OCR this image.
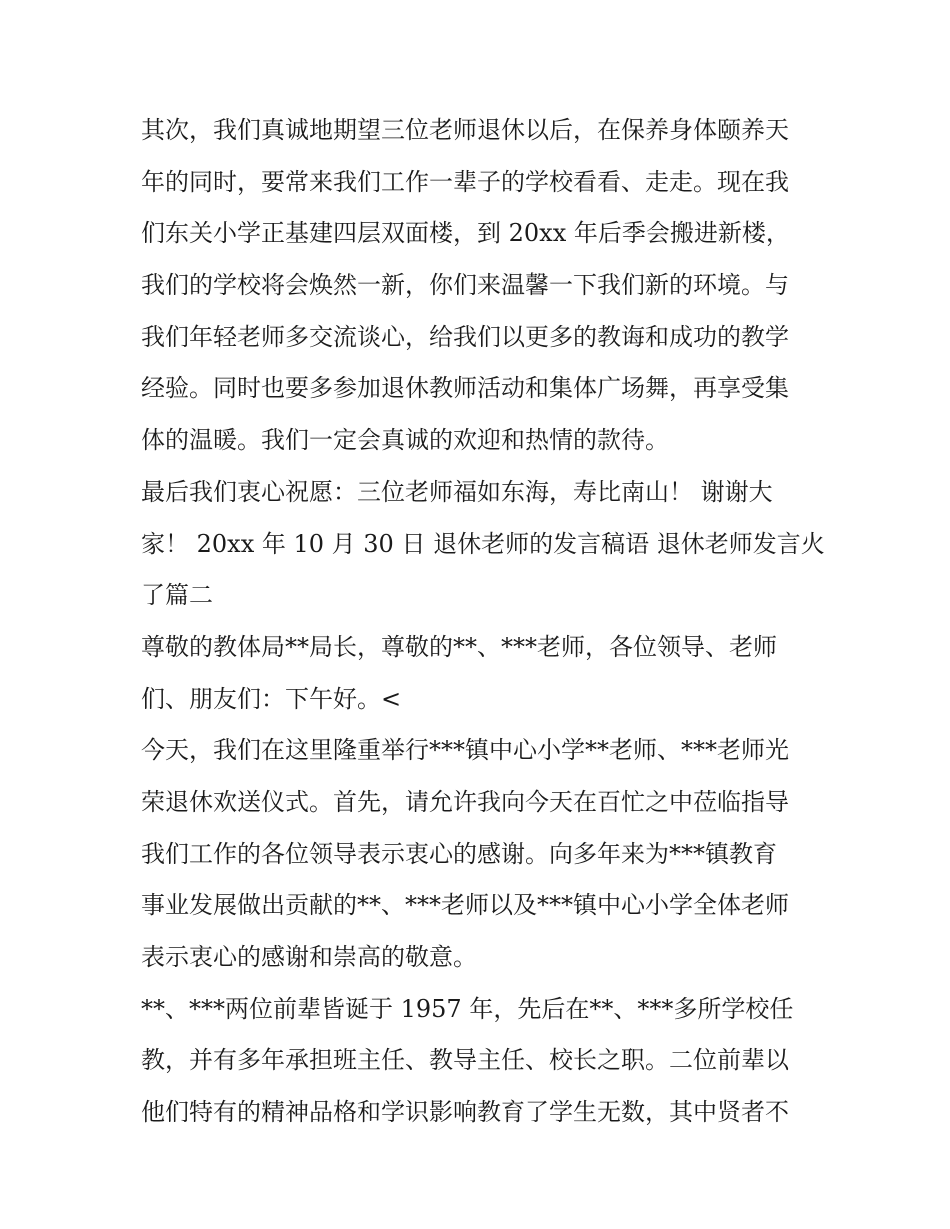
其次，我们真诚地期望三位老师退休以后，在保养身体颐养天
年的同时，要常来我们工作一辈子的学校看看、走走。现在我
们东关小学正基建四层双面楼，到 20xx 年后季会搬进新楼，
我们的学校将会焕然一新，你们来温馨一下我们新的环境。与
我们年轻老师多交流谈心，给我们以更多的教诲和成功的教学
经验。同时也要多参加退休教师活动和集体广场舞，再享受集
体的温暖。我们一定会真诚的欢迎和热情的款待。
最后我们衷心祝愿：三位老师福如东海，寿比南山！ 谢谢大
家！ 20xx 年 10 月 30 日 退休老师的发言稿语 退休老师发言火
了篇二
尊敬的教体局**局长，尊敬的**、***老师，各位领导、老师
们、朋友们：下午好。<
今天，我们在这里隆重举行***镇中心小学**老师、***老师光
荣退休欢送仪式。首先，请允许我向今天在百忙之中莅临指导
我们工作的各位领导表示衷心的感谢。向多年来为***镇教育
事业发展做出贡献的**、***老师以及***镇中心小学全体老师
表示衷心的感谢和崇高的敬意。
**、***两位前辈皆诞于 1957 年，先后在**、***多所学校任
教，并有多年承担班主任、教导主任、校长之职。二位前辈以
他们特有的精神品格和学识影响教育了学生无数，其中贤者不
